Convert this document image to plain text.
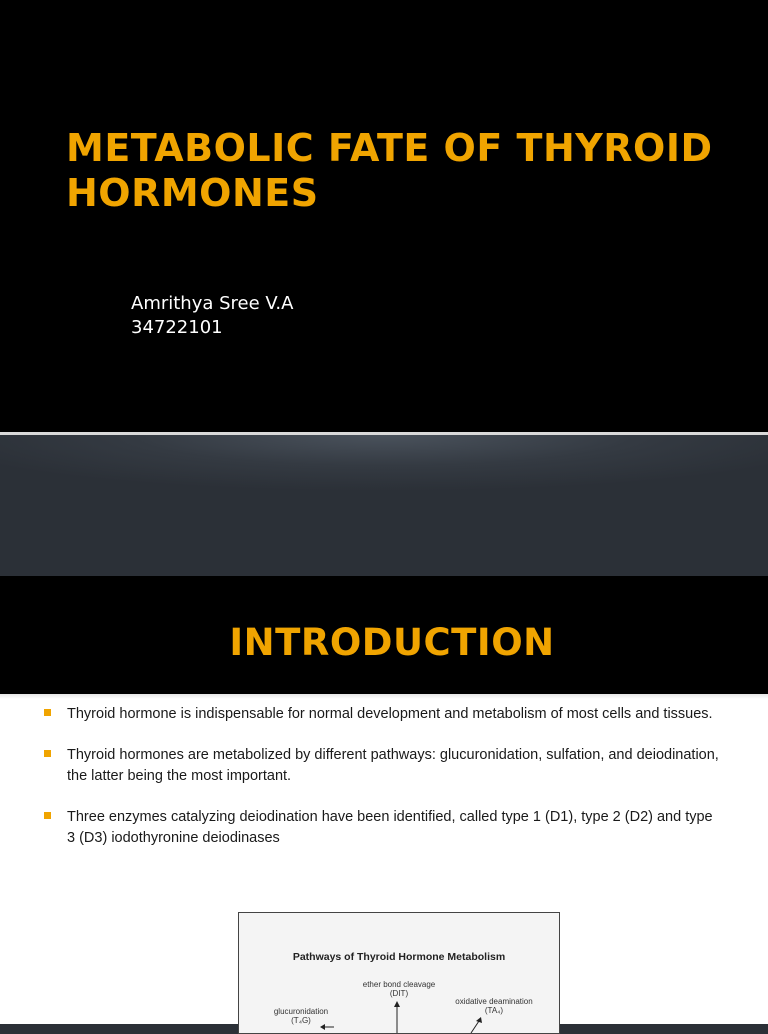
METABOLIC FATE OF THYROID HORMONES
Amrithya Sree V.A
34722101
INTRODUCTION
Thyroid hormone is indispensable for normal development and metabolism of most cells and tissues.
Thyroid hormones are metabolized by different pathways: glucuronidation, sulfation, and deiodination, the latter being the most important.
Three enzymes catalyzing deiodination have been identified, called type 1 (D1), type 2 (D2) and type 3 (D3) iodothyronine deiodinases
Pathways of Thyroid Hormone Metabolism
ether bond cleavage
(DIT)
oxidative deamination
(TA₄)
glucuronidation
(T₄G)
